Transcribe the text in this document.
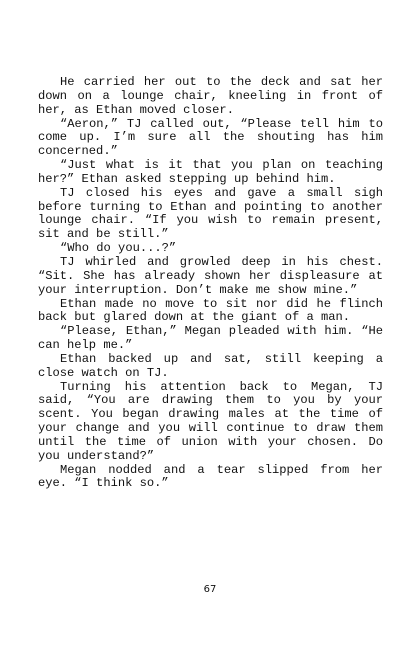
He carried her out to the deck and sat her down on a lounge chair, kneeling in front of her, as Ethan moved closer.

“Aeron,” TJ called out, “Please tell him to come up. I’m sure all the shouting has him concerned.”

“Just what is it that you plan on teaching her?” Ethan asked stepping up behind him.

TJ closed his eyes and gave a small sigh before turning to Ethan and pointing to another lounge chair. “If you wish to remain present, sit and be still.”

“Who do you...?”

TJ whirled and growled deep in his chest. “Sit. She has already shown her displeasure at your interruption. Don’t make me show mine.”

Ethan made no move to sit nor did he flinch back but glared down at the giant of a man.

“Please, Ethan,” Megan pleaded with him. “He can help me.”

Ethan backed up and sat, still keeping a close watch on TJ.

Turning his attention back to Megan, TJ said, “You are drawing them to you by your scent. You began drawing males at the time of your change and you will continue to draw them until the time of union with your chosen. Do you understand?”

Megan nodded and a tear slipped from her eye. “I think so.”

67
